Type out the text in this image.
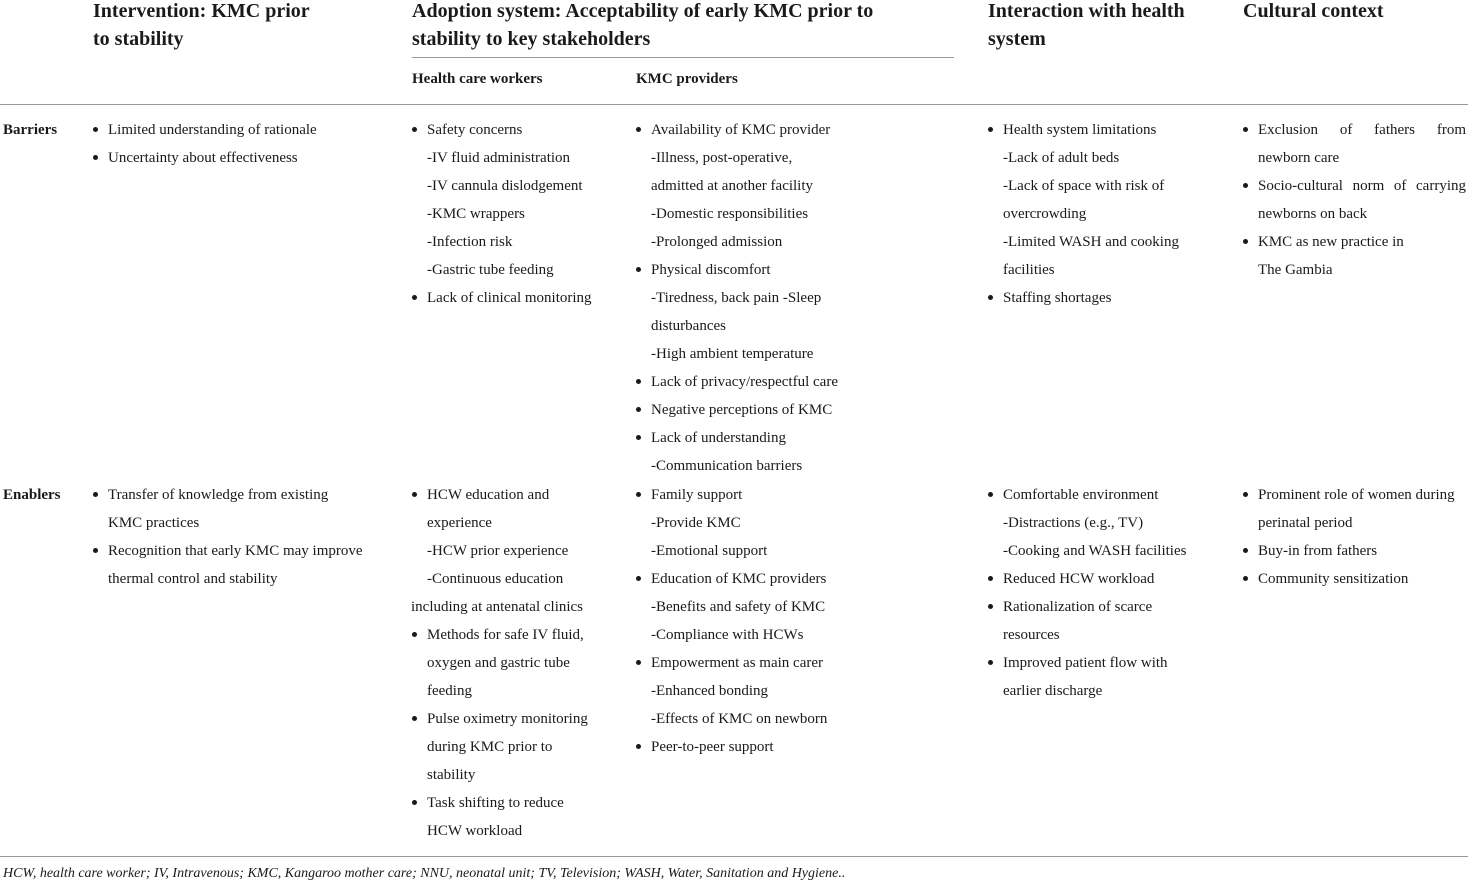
Intervention: KMC prior
to stability
Adoption system: Acceptability of early KMC prior to
stability to key stakeholders
Health care workers	KMC providers
Interaction with health
system
Cultural context
Barriers
Enablers
Limited understanding of rationale
Uncertainty about effectiveness
Safety concerns
-IV fluid administration
-IV cannula dislodgement
-KMC wrappers
-Infection risk
-Gastric tube feeding
Lack of clinical monitoring
Availability of KMC provider
-Illness, post-operative,
admitted at another facility
-Domestic responsibilities
-Prolonged admission
Physical discomfort
-Tiredness, back pain -Sleep
disturbances
-High ambient temperature
Lack of privacy/respectful care
Negative perceptions of KMC
Lack of understanding
-Communication barriers
Health system limitations
-Lack of adult beds
-Lack of space with risk of
overcrowding
-Limited WASH and cooking
facilities
Staffing shortages
Exclusion of fathers from
newborn care
Socio-cultural norm of carrying
newborns on back
KMC as new practice in
The Gambia
Transfer of knowledge from existing
KMC practices
Recognition that early KMC may improve
thermal control and stability
HCW education and
experience
-HCW prior experience
-Continuous education
including at antenatal clinics
Methods for safe IV fluid,
oxygen and gastric tube
feeding
Pulse oximetry monitoring
during KMC prior to
stability
Task shifting to reduce
HCW workload
Family support
-Provide KMC
-Emotional support
Education of KMC providers
-Benefits and safety of KMC
-Compliance with HCWs
Empowerment as main carer
-Enhanced bonding
-Effects of KMC on newborn
Peer-to-peer support
Comfortable environment
-Distractions (e.g., TV)
-Cooking and WASH facilities
Reduced HCW workload
Rationalization of scarce
resources
Improved patient flow with
earlier discharge
Prominent role of women during
perinatal period
Buy-in from fathers
Community sensitization
HCW, health care worker; IV, Intravenous; KMC, Kangaroo mother care; NNU, neonatal unit; TV, Television; WASH, Water, Sanitation and Hygiene..
